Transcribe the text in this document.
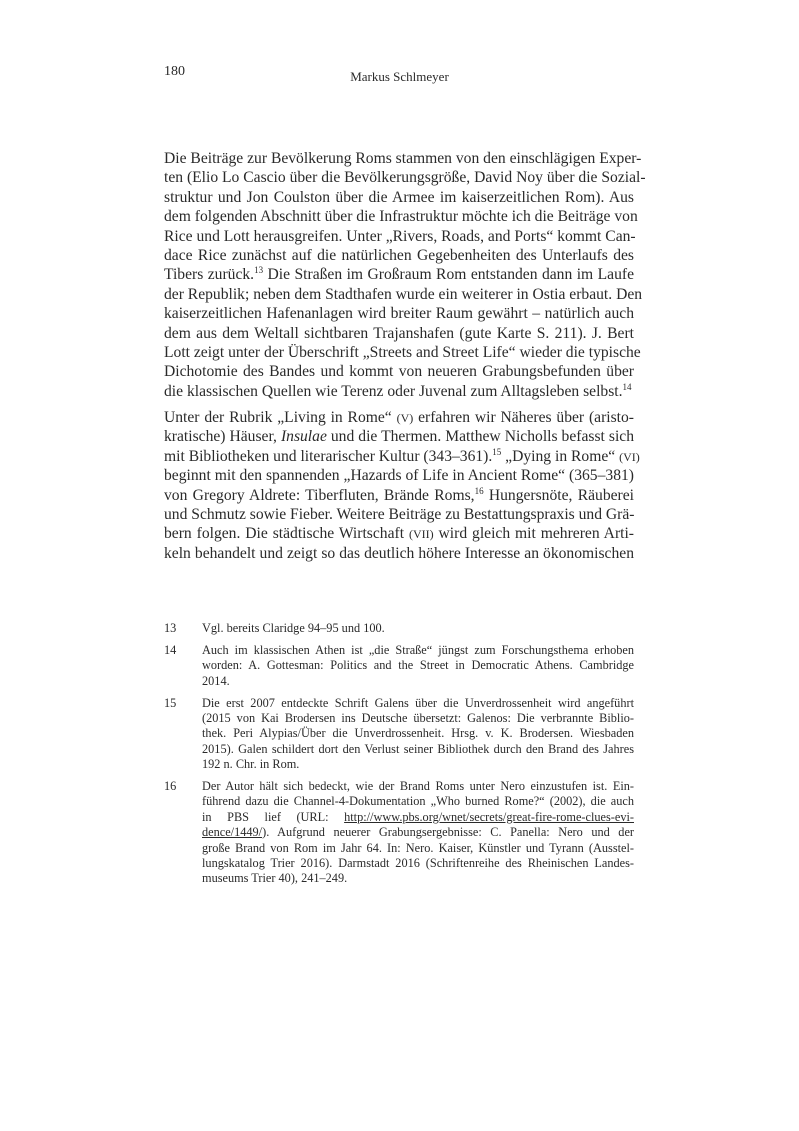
180	Markus Schlmeyer
Die Beiträge zur Bevölkerung Roms stammen von den einschlägigen Exper-
ten (Elio Lo Cascio über die Bevölkerungsgröße, David Noy über die Sozial-
struktur und Jon Coulston über die Armee im kaiserzeitlichen Rom). Aus
dem folgenden Abschnitt über die Infrastruktur möchte ich die Beiträge von
Rice und Lott herausgreifen. Unter „Rivers, Roads, and Ports“ kommt Can-
dace Rice zunächst auf die natürlichen Gegebenheiten des Unterlaufs des
Tibers zurück.$^{13}$ Die Straßen im Großraum Rom entstanden dann im Laufe
der Republik; neben dem Stadthafen wurde ein weiterer in Ostia erbaut. Den
kaiserzeitlichen Hafenanlagen wird breiter Raum gewährt – natürlich auch
dem aus dem Weltall sichtbaren Trajanshafen (gute Karte S. 211). J. Bert
Lott zeigt unter der Überschrift „Streets and Street Life“ wieder die typische
Dichotomie des Bandes und kommt von neueren Grabungsbefunden über
die klassischen Quellen wie Terenz oder Juvenal zum Alltagsleben selbst.$^{14}$
Unter der Rubrik „Living in Rome“ (V) erfahren wir Näheres über (aristo-
kratische) Häuser, Insulae und die Thermen. Matthew Nicholls befasst sich
mit Bibliotheken und literarischer Kultur (343–361).$^{15}$ „Dying in Rome“ (VI)
beginnt mit den spannenden „Hazards of Life in Ancient Rome“ (365–381)
von Gregory Aldrete: Tiberfluten, Brände Roms,$^{16}$ Hungersnöte, Räuberei
und Schmutz sowie Fieber. Weitere Beiträge zu Bestattungspraxis und Grä-
bern folgen. Die städtische Wirtschaft (VII) wird gleich mit mehreren Arti-
keln behandelt und zeigt so das deutlich höhere Interesse an ökonomischen
13 Vgl. bereits Claridge 94–95 und 100.
14 Auch im klassischen Athen ist „die Straße“ jüngst zum Forschungsthema erhoben
worden: A. Gottesman: Politics and the Street in Democratic Athens. Cambridge
2014.
15 Die erst 2007 entdeckte Schrift Galens über die Unverdrossenheit wird angeführt
(2015 von Kai Brodersen ins Deutsche übersetzt: Galenos: Die verbrannte Biblio-
thek. Peri Alypias/Über die Unverdrossenheit. Hrsg. v. K. Brodersen. Wiesbaden
2015). Galen schildert dort den Verlust seiner Bibliothek durch den Brand des Jahres
192 n. Chr. in Rom.
16 Der Autor hält sich bedeckt, wie der Brand Roms unter Nero einzustufen ist. Ein-
führend dazu die Channel-4-Dokumentation „Who burned Rome?“ (2002), die auch
in PBS lief (URL: http://www.pbs.org/wnet/secrets/great-fire-rome-clues-evi-
dence/1449/). Aufgrund neuerer Grabungsergebnisse: C. Panella: Nero und der
große Brand von Rom im Jahr 64. In: Nero. Kaiser, Künstler und Tyrann (Ausstel-
lungskatalog Trier 2016). Darmstadt 2016 (Schriftenreihe des Rheinischen Landes-
museums Trier 40), 241–249.
